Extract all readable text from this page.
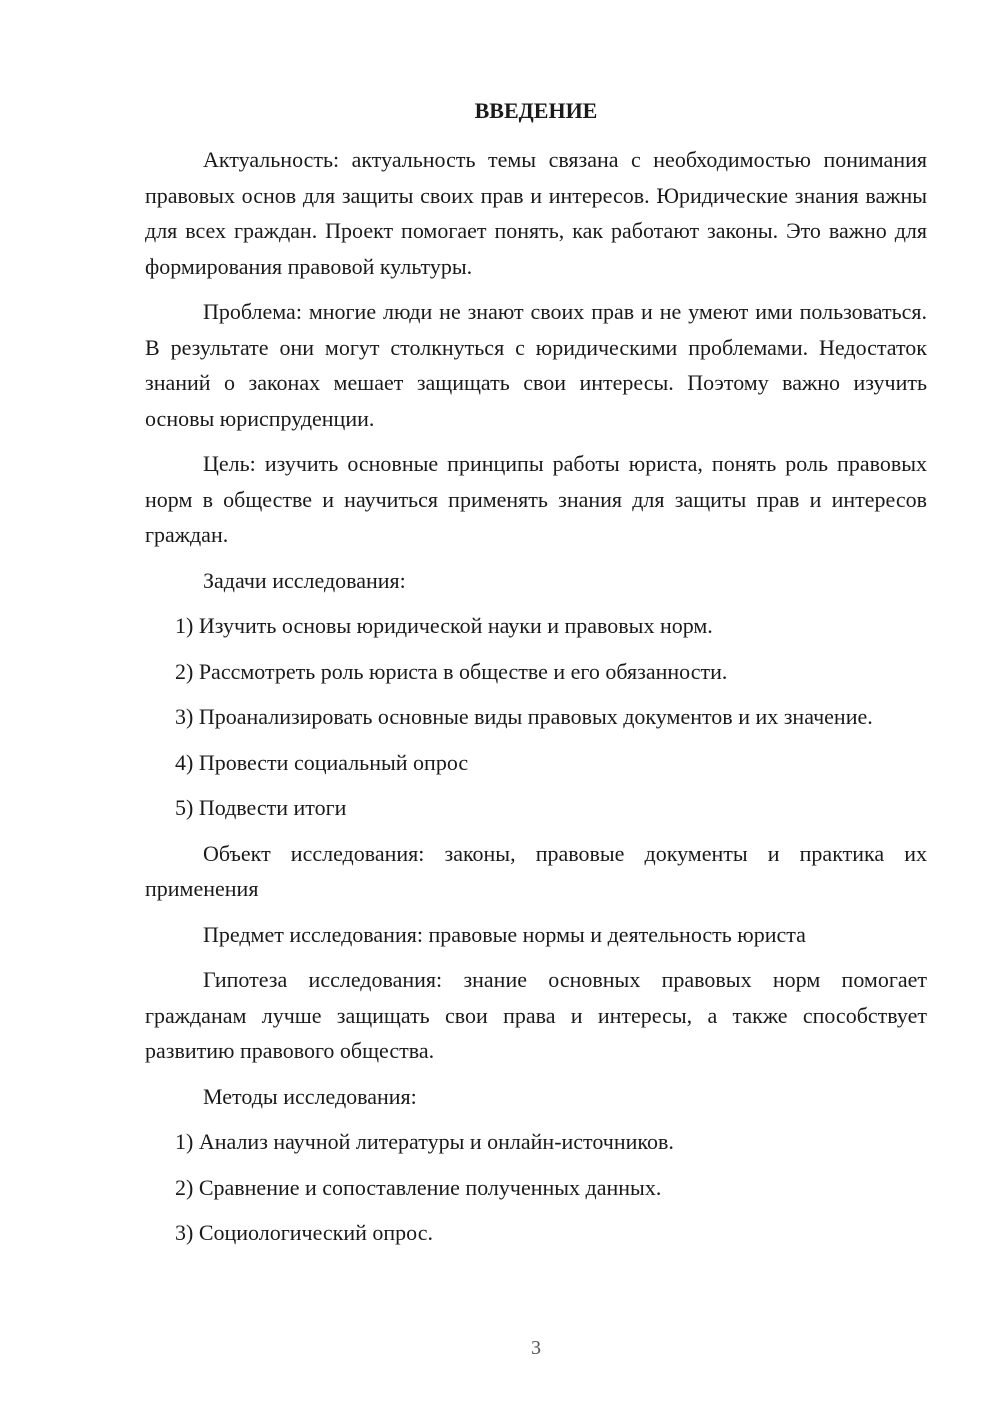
ВВЕДЕНИЕ

Актуальность: актуальность темы связана с необходимостью понимания правовых основ для защиты своих прав и интересов. Юридические знания важны для всех граждан. Проект помогает понять, как работают законы. Это важно для формирования правовой культуры.

Проблема: многие люди не знают своих прав и не умеют ими пользоваться. В результате они могут столкнуться с юридическими проблемами. Недостаток знаний о законах мешает защищать свои интересы. Поэтому важно изучить основы юриспруденции.

Цель: изучить основные принципы работы юриста, понять роль правовых норм в обществе и научиться применять знания для защиты прав и интересов граждан.

Задачи исследования:

1) Изучить основы юридической науки и правовых норм.

2) Рассмотреть роль юриста в обществе и его обязанности.

3) Проанализировать основные виды правовых документов и их значение.

4) Провести социальный опрос

5) Подвести итоги

Объект исследования: законы, правовые документы и практика их применения

Предмет исследования: правовые нормы и деятельность юриста

Гипотеза исследования: знание основных правовых норм помогает гражданам лучше защищать свои права и интересы, а также способствует развитию правового общества.

Методы исследования:

1) Анализ научной литературы и онлайн-источников.

2) Сравнение и сопоставление полученных данных.

3) Социологический опрос.

3
